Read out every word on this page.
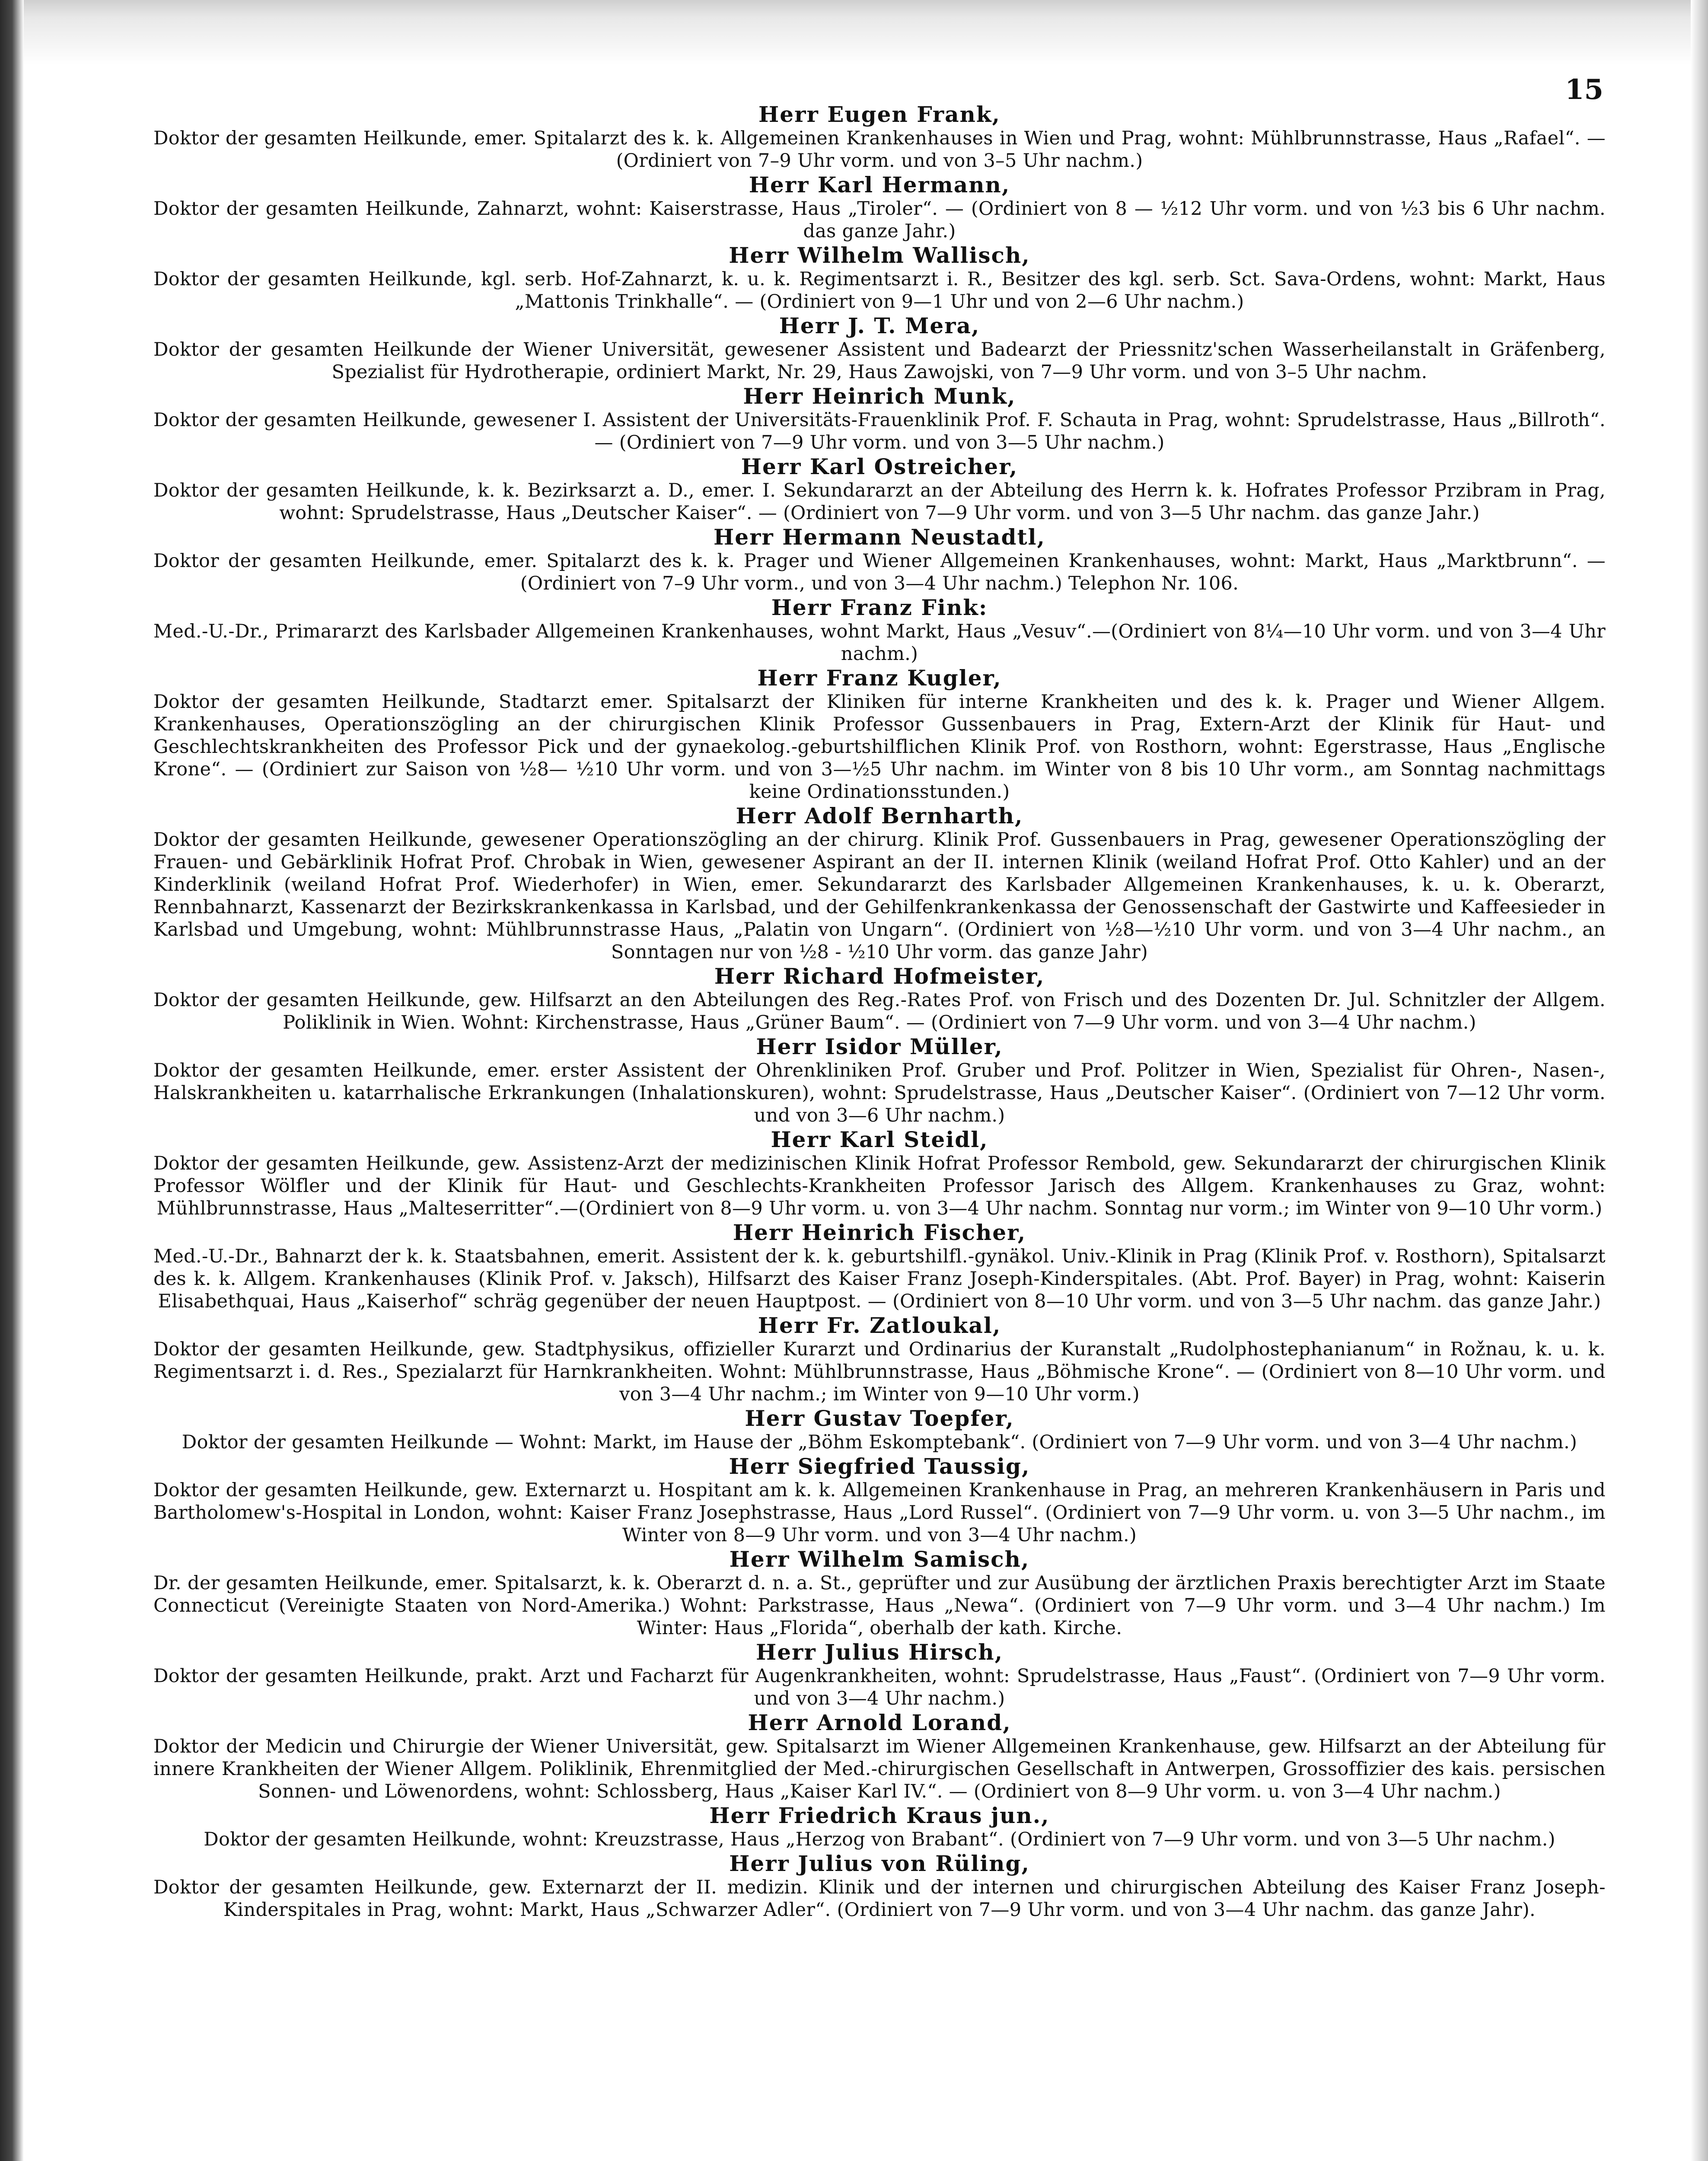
15
Herr Eugen Frank,
Doktor der gesamten Heilkunde, emer. Spitalarzt des k. k. Allgemeinen Krankenhauses in Wien und Prag, wohnt: Mühlbrunnstrasse, Haus „Rafael“. — (Ordiniert von 7–9 Uhr vorm. und von 3–5 Uhr nachm.)
Herr Karl Hermann,
Doktor der gesamten Heilkunde, Zahnarzt, wohnt: Kaiserstrasse, Haus „Tiroler“. — (Ordiniert von 8 — ½12 Uhr vorm. und von ½3 bis 6 Uhr nachm. das ganze Jahr.)
Herr Wilhelm Wallisch,
Doktor der gesamten Heilkunde, kgl. serb. Hof-Zahnarzt, k. u. k. Regimentsarzt i. R., Besitzer des kgl. serb. Sct. Sava-Ordens, wohnt: Markt, Haus „Mattonis Trinkhalle“. — (Ordiniert von 9—1 Uhr und von 2—6 Uhr nachm.)
Herr J. T. Mera,
Doktor der gesamten Heilkunde der Wiener Universität, gewesener Assistent und Badearzt der Priessnitz'schen Wasserheilanstalt in Gräfenberg, Spezialist für Hydrotherapie, ordiniert Markt, Nr. 29, Haus Zawojski, von 7—9 Uhr vorm. und von 3–5 Uhr nachm.
Herr Heinrich Munk,
Doktor der gesamten Heilkunde, gewesener I. Assistent der Universitäts-Frauenklinik Prof. F. Schauta in Prag, wohnt: Sprudelstrasse, Haus „Billroth“.— (Ordiniert von 7—9 Uhr vorm. und von 3—5 Uhr nachm.)
Herr Karl Ostreicher,
Doktor der gesamten Heilkunde, k. k. Bezirksarzt a. D., emer. I. Sekundararzt an der Abteilung des Herrn k. k. Hofrates Professor Przibram in Prag, wohnt: Sprudelstrasse, Haus „Deutscher Kaiser“. — (Ordiniert von 7—9 Uhr vorm. und von 3—5 Uhr nachm. das ganze Jahr.)
Herr Hermann Neustadtl,
Doktor der gesamten Heilkunde, emer. Spitalarzt des k. k. Prager und Wiener Allgemeinen Krankenhauses, wohnt: Markt, Haus „Marktbrunn“. — (Ordiniert von 7–9 Uhr vorm., und von 3—4 Uhr nachm.) Telephon Nr. 106.
Herr Franz Fink:
Med.-U.-Dr., Primararzt des Karlsbader Allgemeinen Krankenhauses, wohnt Markt, Haus „Vesuv“.—(Ordiniert von 8¼—10 Uhr vorm. und von 3—4 Uhr nachm.)
Herr Franz Kugler,
Doktor der gesamten Heilkunde, Stadtarzt emer. Spitalsarzt der Kliniken für interne Krankheiten und des k. k. Prager und Wiener Allgem. Krankenhauses, Operationszögling an der chirurgischen Klinik Professor Gussenbauers in Prag, Extern-Arzt der Klinik für Haut- und Geschlechtskrankheiten des Professor Pick und der gynaekolog.-geburtshilflichen Klinik Prof. von Rosthorn, wohnt: Egerstrasse, Haus „Englische Krone“. — (Ordiniert zur Saison von ½8— ½10 Uhr vorm. und von 3—½5 Uhr nachm. im Winter von 8 bis 10 Uhr vorm., am Sonntag nachmittags keine Ordinationsstunden.)
Herr Adolf Bernharth,
Doktor der gesamten Heilkunde, gewesener Operationszögling an der chirurg. Klinik Prof. Gussenbauers in Prag, gewesener Operationszögling der Frauen- und Gebärklinik Hofrat Prof. Chrobak in Wien, gewesener Aspirant an der II. internen Klinik (weiland Hofrat Prof. Otto Kahler) und an der Kinderklinik (weiland Hofrat Prof. Wiederhofer) in Wien, emer. Sekundararzt des Karlsbader Allgemeinen Krankenhauses, k. u. k. Oberarzt, Rennbahnarzt, Kassenarzt der Bezirkskrankenkassa in Karlsbad, und der Gehilfenkrankenkassa der Genossenschaft der Gastwirte und Kaffeesieder in Karlsbad und Umgebung, wohnt: Mühlbrunnstrasse Haus, „Palatin von Ungarn“. (Ordiniert von ½8—½10 Uhr vorm. und von 3—4 Uhr nachm., an Sonntagen nur von ½8 - ½10 Uhr vorm. das ganze Jahr)
Herr Richard Hofmeister,
Doktor der gesamten Heilkunde, gew. Hilfsarzt an den Abteilungen des Reg.-Rates Prof. von Frisch und des Dozenten Dr. Jul. Schnitzler der Allgem. Poliklinik in Wien. Wohnt: Kirchenstrasse, Haus „Grüner Baum“. — (Ordiniert von 7—9 Uhr vorm. und von 3—4 Uhr nachm.)
Herr Isidor Müller,
Doktor der gesamten Heilkunde, emer. erster Assistent der Ohrenkliniken Prof. Gruber und Prof. Politzer in Wien, Spezialist für Ohren-, Nasen-, Halskrankheiten u. katarrhalische Erkrankungen (Inhalationskuren), wohnt: Sprudelstrasse, Haus „Deutscher Kaiser“. (Ordiniert von 7—12 Uhr vorm. und von 3—6 Uhr nachm.)
Herr Karl Steidl,
Doktor der gesamten Heilkunde, gew. Assistenz-Arzt der medizinischen Klinik Hofrat Professor Rembold, gew. Sekundararzt der chirurgischen Klinik Professor Wölfler und der Klinik für Haut- und Geschlechts-Krankheiten Professor Jarisch des Allgem. Krankenhauses zu Graz, wohnt: Mühlbrunnstrasse, Haus „Malteserritter“.—(Ordiniert von 8—9 Uhr vorm. u. von 3—4 Uhr nachm. Sonntag nur vorm.; im Winter von 9—10 Uhr vorm.)
Herr Heinrich Fischer,
Med.-U.-Dr., Bahnarzt der k. k. Staatsbahnen, emerit. Assistent der k. k. geburtshilfl.-gynäkol. Univ.-Klinik in Prag (Klinik Prof. v. Rosthorn), Spitalsarzt des k. k. Allgem. Krankenhauses (Klinik Prof. v. Jaksch), Hilfsarzt des Kaiser Franz Joseph-Kinderspitales. (Abt. Prof. Bayer) in Prag, wohnt: Kaiserin Elisabethquai, Haus „Kaiserhof“ schräg gegenüber der neuen Hauptpost. — (Ordiniert von 8—10 Uhr vorm. und von 3—5 Uhr nachm. das ganze Jahr.)
Herr Fr. Zatloukal,
Doktor der gesamten Heilkunde, gew. Stadtphysikus, offizieller Kurarzt und Ordinarius der Kuranstalt „Rudolphostephanianum“ in Rožnau, k. u. k. Regimentsarzt i. d. Res., Spezialarzt für Harnkrankheiten. Wohnt: Mühlbrunnstrasse, Haus „Böhmische Krone“. — (Ordiniert von 8—10 Uhr vorm. und von 3—4 Uhr nachm.; im Winter von 9—10 Uhr vorm.)
Herr Gustav Toepfer,
Doktor der gesamten Heilkunde — Wohnt: Markt, im Hause der „Böhm Eskomptebank“. (Ordiniert von 7—9 Uhr vorm. und von 3—4 Uhr nachm.)
Herr Siegfried Taussig,
Doktor der gesamten Heilkunde, gew. Externarzt u. Hospitant am k. k. Allgemeinen Krankenhause in Prag, an mehreren Krankenhäusern in Paris und Bartholomew's-Hospital in London, wohnt: Kaiser Franz Josephstrasse, Haus „Lord Russel“. (Ordiniert von 7—9 Uhr vorm. u. von 3—5 Uhr nachm., im Winter von 8—9 Uhr vorm. und von 3—4 Uhr nachm.)
Herr Wilhelm Samisch,
Dr. der gesamten Heilkunde, emer. Spitalsarzt, k. k. Oberarzt d. n. a. St., geprüfter und zur Ausübung der ärztlichen Praxis berechtigter Arzt im Staate Connecticut (Vereinigte Staaten von Nord-Amerika.) Wohnt: Parkstrasse, Haus „Newa“. (Ordiniert von 7—9 Uhr vorm. und 3—4 Uhr nachm.) Im Winter: Haus „Florida“, oberhalb der kath. Kirche.
Herr Julius Hirsch,
Doktor der gesamten Heilkunde, prakt. Arzt und Facharzt für Augenkrankheiten, wohnt: Sprudelstrasse, Haus „Faust“. (Ordiniert von 7—9 Uhr vorm. und von 3—4 Uhr nachm.)
Herr Arnold Lorand,
Doktor der Medicin und Chirurgie der Wiener Universität, gew. Spitalsarzt im Wiener Allgemeinen Krankenhause, gew. Hilfsarzt an der Abteilung für innere Krankheiten der Wiener Allgem. Poliklinik, Ehrenmitglied der Med.-chirurgischen Gesellschaft in Antwerpen, Grossoffizier des kais. persischen Sonnen- und Löwenordens, wohnt: Schlossberg, Haus „Kaiser Karl IV.“. — (Ordiniert von 8—9 Uhr vorm. u. von 3—4 Uhr nachm.)
Herr Friedrich Kraus jun.,
Doktor der gesamten Heilkunde, wohnt: Kreuzstrasse, Haus „Herzog von Brabant“. (Ordiniert von 7—9 Uhr vorm. und von 3—5 Uhr nachm.)
Herr Julius von Rüling,
Doktor der gesamten Heilkunde, gew. Externarzt der II. medizin. Klinik und der internen und chirurgischen Abteilung des Kaiser Franz Joseph-Kinderspitales in Prag, wohnt: Markt, Haus „Schwarzer Adler“. (Ordiniert von 7—9 Uhr vorm. und von 3—4 Uhr nachm. das ganze Jahr).
